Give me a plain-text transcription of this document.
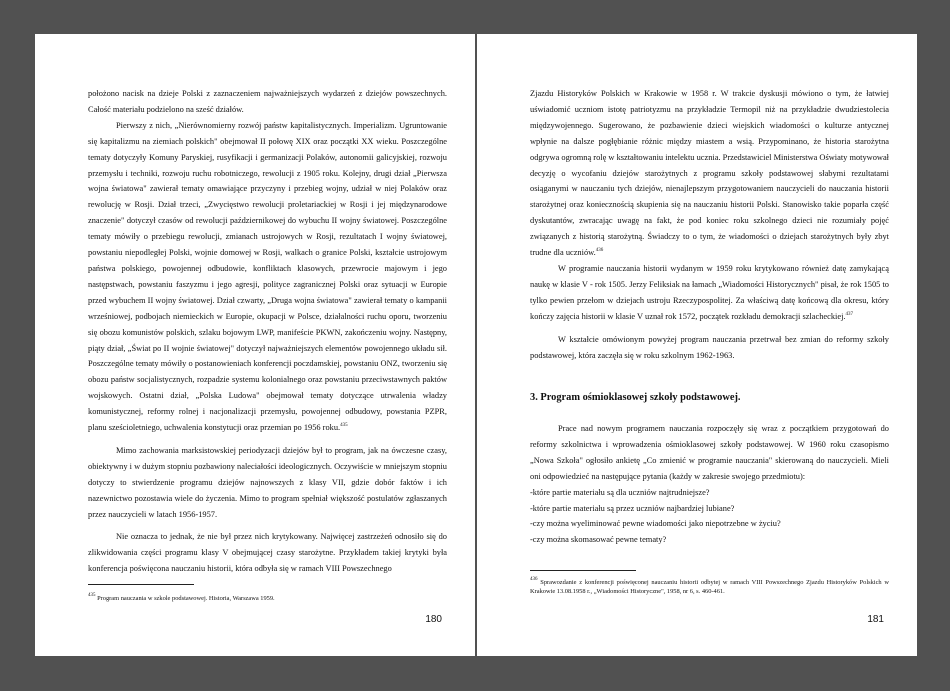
położono nacisk na dzieje Polski z zaznaczeniem najważniejszych wydarzeń z dziejów powszechnych. Całość materiału podzielono na sześć działów.

Pierwszy z nich, „Nierównomierny rozwój państw kapitalistycznych. Imperializm. Ugruntowanie się kapitalizmu na ziemiach polskich" obejmował II połowę XIX oraz początki XX wieku. Poszczególne tematy dotyczyły Komuny Paryskiej, rusyfikacji i germanizacji Polaków, autonomii galicyjskiej, rozwoju przemysłu i techniki, rozwoju ruchu robotniczego, rewolucji z 1905 roku. Kolejny, drugi dział „Pierwsza wojna światowa" zawierał tematy omawiające przyczyny i przebieg wojny, udział w niej Polaków oraz rewolucję w Rosji. Dział trzeci, „Zwycięstwo rewolucji proletariackiej w Rosji i jej międzynarodowe znaczenie" dotyczył czasów od rewolucji październikowej do wybuchu II wojny światowej. Poszczególne tematy mówiły o przebiegu rewolucji, zmianach ustrojowych w Rosji, rezultatach I wojny światowej, powstaniu niepodległej Polski, wojnie domowej w Rosji, walkach o granice Polski, kształcie ustrojowym państwa polskiego, powojennej odbudowie, konfliktach klasowych, przewrocie majowym i jego następstwach, powstaniu faszyzmu i jego agresji, polityce zagranicznej Polski oraz sytuacji w Europie przed wybuchem II wojny światowej. Dział czwarty, „Druga wojna światowa" zawierał tematy o kampanii wrześniowej, podbojach niemieckich w Europie, okupacji w Polsce, działalności ruchu oporu, tworzeniu się obozu komunistów polskich, szlaku bojowym LWP, manifeście PKWN, zakończeniu wojny. Następny, piąty dział, „Świat po II wojnie światowej" dotyczył najważniejszych elementów powojennego układu sił. Poszczególne tematy mówiły o postanowieniach konferencji poczdamskiej, powstaniu ONZ, tworzeniu się obozu państw socjalistycznych, rozpadzie systemu kolonialnego oraz powstaniu przeciwstawnych paktów wojskowych. Ostatni dział, „Polska Ludowa" obejmował tematy dotyczące utrwalenia władzy komunistycznej, reformy rolnej i nacjonalizacji przemysłu, powojennej odbudowy, powstania PZPR, planu sześcioletniego, uchwalenia konstytucji oraz przemian po 1956 roku.$^{435}$

Mimo zachowania marksistowskiej periodyzacji dziejów był to program, jak na ówczesne czasy, obiektywny i w dużym stopniu pozbawiony naleciałości ideologicznych. Oczywiście w mniejszym stopniu dotyczy to stwierdzenie programu dziejów najnowszych z klasy VII, gdzie dobór faktów i ich nazewnictwo pozostawia wiele do życzenia. Mimo to program spełniał większość postulatów zgłaszanych przez nauczycieli w latach 1956-1957.

Nie oznacza to jednak, że nie był przez nich krytykowany. Najwięcej zastrzeżeń odnosiło się do zlikwidowania części programu klasy V obejmującej czasy starożytne. Przykładem takiej krytyki była konferencja poświęcona nauczaniu historii, która odbyła się w ramach VIII Powszechnego

$^{435}$ Program nauczania w szkole podstawowej. Historia, Warszawa 1959.

180

Zjazdu Historyków Polskich w Krakowie w 1958 r. W trakcie dyskusji mówiono o tym, że łatwiej uświadomić uczniom istotę patriotyzmu na przykładzie Termopil niż na przykładzie dwudziestolecia międzywojennego. Sugerowano, że pozbawienie dzieci wiejskich wiadomości o kulturze antycznej wpłynie na dalsze pogłębianie różnic między miastem a wsią. Przypominano, że historia starożytna odgrywa ogromną rolę w kształtowaniu intelektu ucznia. Przedstawiciel Ministerstwa Oświaty motywował decyzję o wycofaniu dziejów starożytnych z programu szkoły podstawowej słabymi rezultatami osiąganymi w nauczaniu tych dziejów, nienajlepszym przygotowaniem nauczycieli do nauczania historii starożytnej oraz koniecznością skupienia się na nauczaniu historii Polski. Stanowisko takie poparła część dyskutantów, zwracając uwagę na fakt, że pod koniec roku szkolnego dzieci nie rozumiały pojęć związanych z historią starożytną. Świadczy to o tym, że wiadomości o dziejach starożytnych były zbyt trudne dla uczniów.$^{436}$

W programie nauczania historii wydanym w 1959 roku krytykowano również datę zamykającą naukę w klasie V - rok 1505. Jerzy Feliksiak na łamach „Wiadomości Historycznych" pisał, że rok 1505 to tylko pewien przełom w dziejach ustroju Rzeczypospolitej. Za właściwą datę końcową dla okresu, który kończy zajęcia historii w klasie V uznał rok 1572, początek rozkładu demokracji szlacheckiej.$^{437}$

W kształcie omówionym powyżej program nauczania przetrwał bez zmian do reformy szkoły podstawowej, która zaczęła się w roku szkolnym 1962-1963.

3. Program ośmioklasowej szkoły podstawowej.

Prace nad nowym programem nauczania rozpoczęły się wraz z początkiem przygotowań do reformy szkolnictwa i wprowadzenia ośmioklasowej szkoły podstawowej. W 1960 roku czasopismo „Nowa Szkoła" ogłosiło ankietę „Co zmienić w programie nauczania" skierowaną do nauczycieli. Mieli oni odpowiedzieć na następujące pytania (każdy w zakresie swojego przedmiotu):

-które partie materiału są dla uczniów najtrudniejsze?

-które partie materiału są przez uczniów najbardziej lubiane?

-czy można wyeliminować pewne wiadomości jako niepotrzebne w życiu?

-czy można skomasować pewne tematy?

$^{436}$ Sprawozdanie z konferencji poświęconej nauczaniu historii odbytej w ramach VIII Powszechnego Zjazdu Historyków Polskich w Krakowie 13.08.1958 r., „Wiadomości Historyczne", 1958, nr 6, s. 460-461.

181
